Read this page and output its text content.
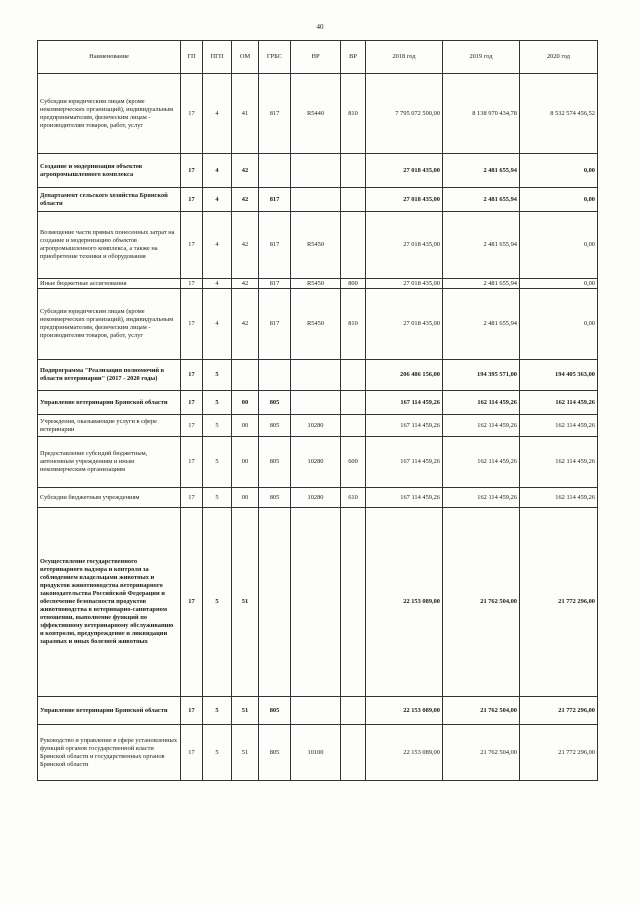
40
Наименование	ГП	ПГП	ОМ	ГРБС	НР	ВР	2018 год	2019 год	2020 год
Субсидии юридическим лицам (кроме некоммерческих организаций), индивидуальным предпринимателям, физическим лицам - производителям товаров, работ, услуг	17	4	41	817	R5440	810	7 795 072 500,00	8 138 970 434,78	8 532 574 456,52
Создание и модернизация объектов агропромышленного комплекса	17	4	42				27 018 435,00	2 481 655,94	0,00
Департамент сельского хозяйства Брянской области	17	4	42	817			27 018 435,00	2 481 655,94	0,00
Возмещение части прямых понесенных затрат на создание и модернизацию объектов агропромышленного комплекса, а также на приобретение техники и оборудования	17	4	42	817	R5450		27 018 435,00	2 481 655,94	0,00
Иные бюджетные ассигнования	17	4	42	817	R5450	800	27 018 435,00	2 481 655,94	0,00
Субсидии юридическим лицам (кроме некоммерческих организаций), индивидуальным предпринимателям, физическим лицам - производителям товаров, работ, услуг	17	4	42	817	R5450	810	27 018 435,00	2 481 655,94	0,00
Подпрограмма "Реализация полномочий в области ветеринарии" (2017 - 2020 годы)	17	5					206 486 156,00	194 395 571,00	194 405 363,00
Управление ветеринарии Брянской области	17	5	00	805			167 114 459,26	162 114 459,26	162 114 459,26
Учреждения, оказывающие услуги в сфере ветеринарии	17	5	00	805	10280		167 114 459,26	162 114 459,26	162 114 459,26
Предоставление субсидий бюджетным, автономным учреждениям и иным некоммерческим организациям	17	5	00	805	10280	600	167 114 459,26	162 114 459,26	162 114 459,26
Субсидии бюджетным учреждениям	17	5	00	805	10280	610	167 114 459,26	162 114 459,26	162 114 459,26
Осуществление государственного ветеринарного надзора и контроля за соблюдением владельцами животных и продуктов животноводства ветеринарного законодательства Российской Федерации и обеспечение безопасности продуктов животноводства в ветеринарно-санитарном отношении, выполнение функций по эффективному ветеринарному обслуживанию и контролю, предупреждение и ликвидации заразных и иных болезней животных	17	5	51				22 153 089,00	21 762 504,00	21 772 296,00
Управление ветеринарии Брянской области	17	5	51	805			22 153 089,00	21 762 504,00	21 772 296,00
Руководство и управление в сфере установленных функций органов государственной власти Брянской области и государственных органов Брянской области	17	5	51	805	10100		22 153 089,00	21 762 504,00	21 772 296,00
